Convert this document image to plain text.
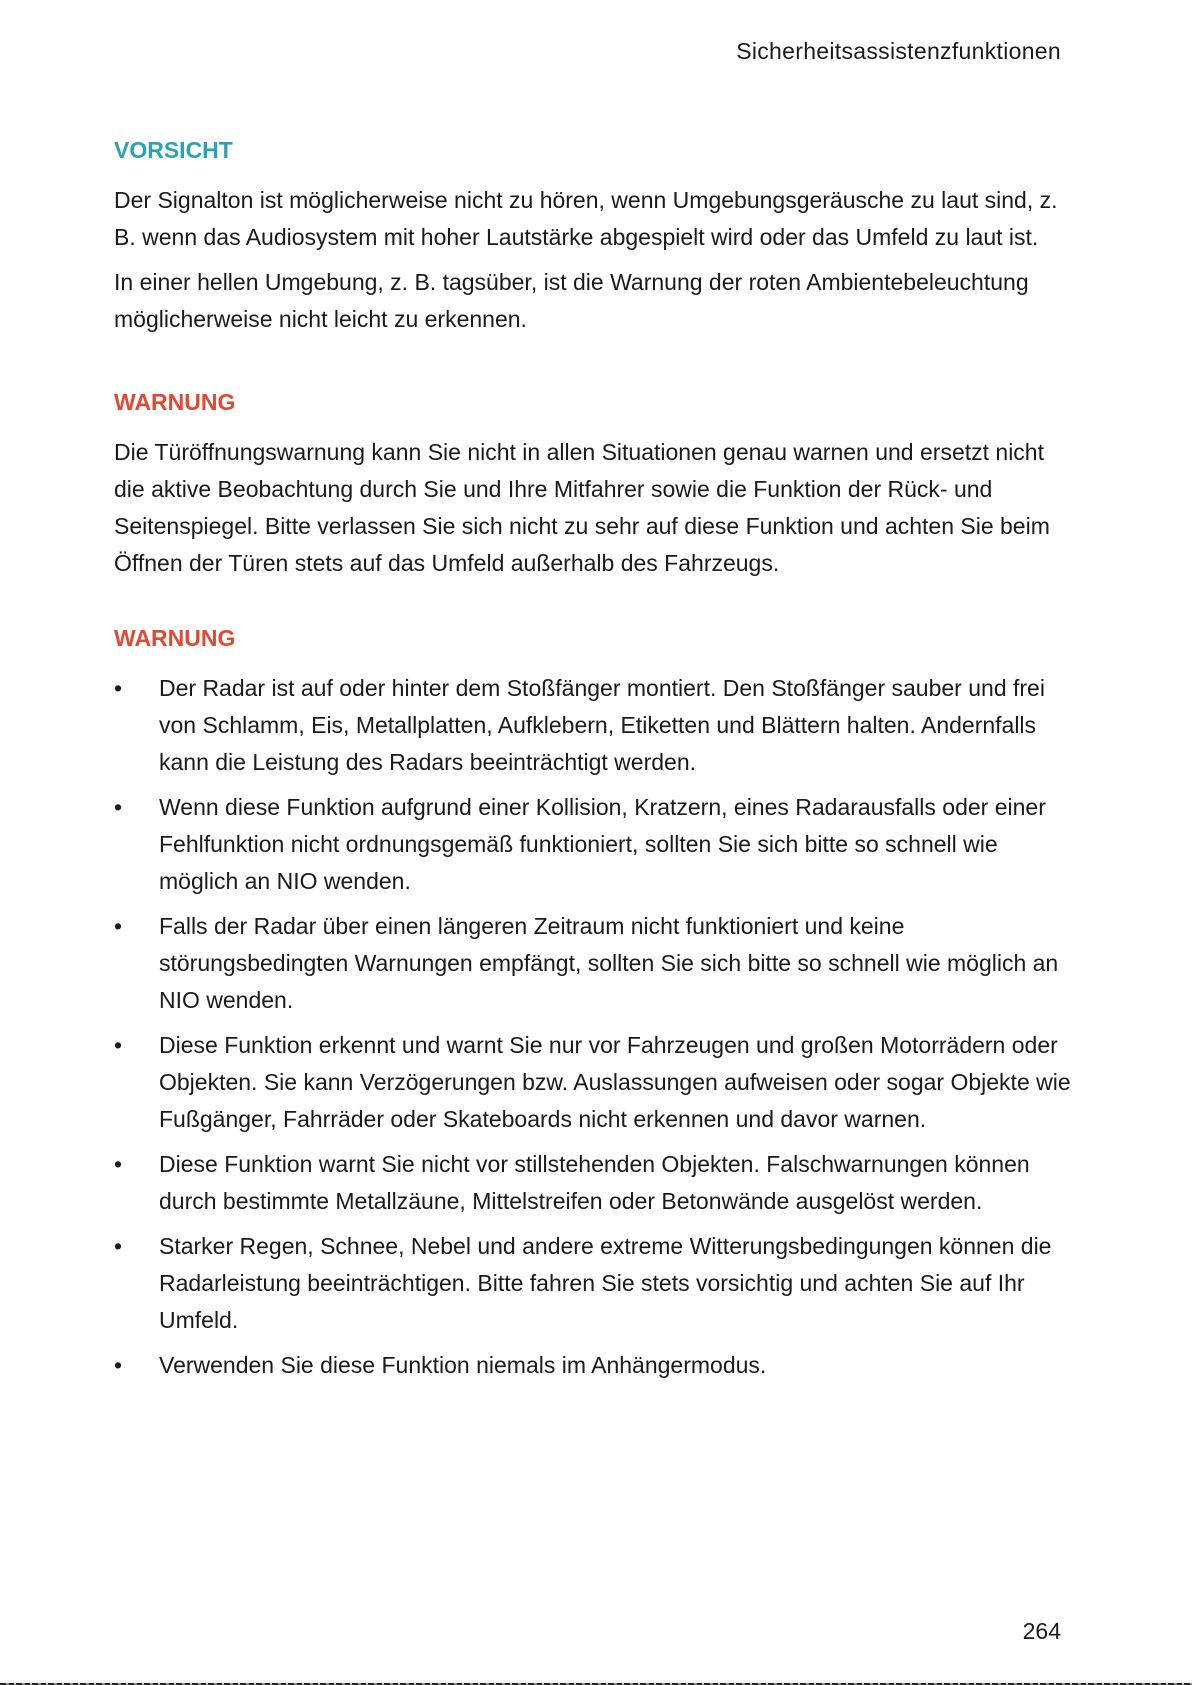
Sicherheitsassistenzfunktionen
VORSICHT

Der Signalton ist möglicherweise nicht zu hören, wenn Umgebungsgeräusche zu laut sind, z. B. wenn das Audiosystem mit hoher Lautstärke abgespielt wird oder das Umfeld zu laut ist.

In einer hellen Umgebung, z. B. tagsüber, ist die Warnung der roten Ambientebeleuchtung möglicherweise nicht leicht zu erkennen.

WARNUNG

Die Türöffnungswarnung kann Sie nicht in allen Situationen genau warnen und ersetzt nicht die aktive Beobachtung durch Sie und Ihre Mitfahrer sowie die Funktion der Rück- und Seitenspiegel. Bitte verlassen Sie sich nicht zu sehr auf diese Funktion und achten Sie beim Öffnen der Türen stets auf das Umfeld außerhalb des Fahrzeugs.

WARNUNG
• Der Radar ist auf oder hinter dem Stoßfänger montiert. Den Stoßfänger sauber und frei von Schlamm, Eis, Metallplatten, Aufklebern, Etiketten und Blättern halten. Andernfalls kann die Leistung des Radars beeinträchtigt werden.
• Wenn diese Funktion aufgrund einer Kollision, Kratzern, eines Radarausfalls oder einer Fehlfunktion nicht ordnungsgemäß funktioniert, sollten Sie sich bitte so schnell wie möglich an NIO wenden.
• Falls der Radar über einen längeren Zeitraum nicht funktioniert und keine störungsbedingten Warnungen empfängt, sollten Sie sich bitte so schnell wie möglich an NIO wenden.
• Diese Funktion erkennt und warnt Sie nur vor Fahrzeugen und großen Motorrädern oder Objekten. Sie kann Verzögerungen bzw. Auslassungen aufweisen oder sogar Objekte wie Fußgänger, Fahrräder oder Skateboards nicht erkennen und davor warnen.
• Diese Funktion warnt Sie nicht vor stillstehenden Objekten. Falschwarnungen können durch bestimmte Metallzäune, Mittelstreifen oder Betonwände ausgelöst werden.
• Starker Regen, Schnee, Nebel und andere extreme Witterungsbedingungen können die Radarleistung beeinträchtigen. Bitte fahren Sie stets vorsichtig und achten Sie auf Ihr Umfeld.
• Verwenden Sie diese Funktion niemals im Anhängermodus.
264
